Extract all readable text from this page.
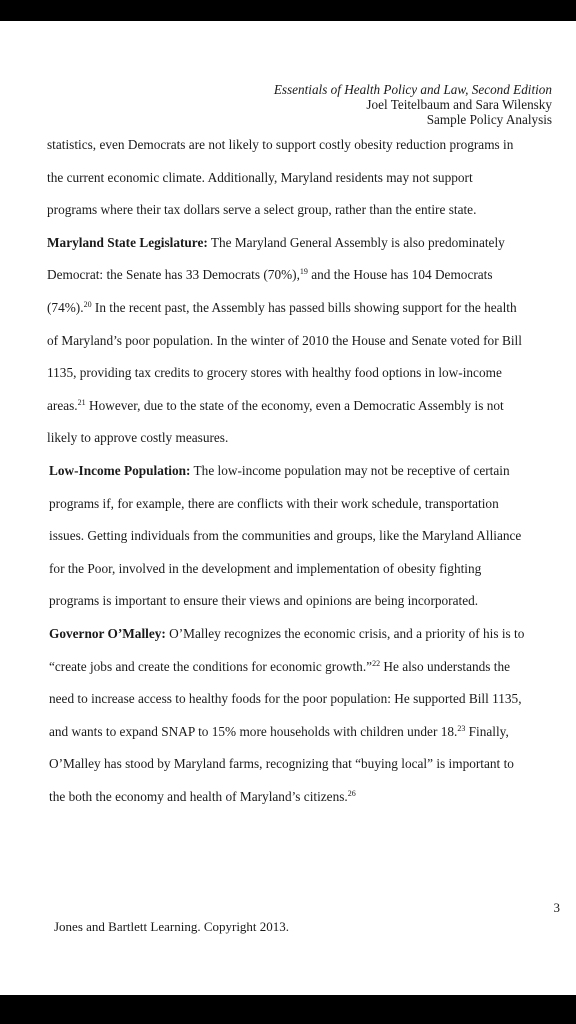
Essentials of Health Policy and Law, Second Edition
Joel Teitelbaum and Sara Wilensky
Sample Policy Analysis
statistics, even Democrats are not likely to support costly obesity reduction programs in
the current economic climate. Additionally, Maryland residents may not support
programs where their tax dollars serve a select group, rather than the entire state.
Maryland State Legislature: The Maryland General Assembly is also predominately
Democrat: the Senate has 33 Democrats (70%),$^{19}$ and the House has 104 Democrats
(74%).$^{20}$ In the recent past, the Assembly has passed bills showing support for the health
of Maryland’s poor population. In the winter of 2010 the House and Senate voted for Bill
1135, providing tax credits to grocery stores with healthy food options in low-income
areas.$^{21}$ However, due to the state of the economy, even a Democratic Assembly is not
likely to approve costly measures.
Low-Income Population: The low-income population may not be receptive of certain
programs if, for example, there are conflicts with their work schedule, transportation
issues. Getting individuals from the communities and groups, like the Maryland Alliance
for the Poor, involved in the development and implementation of obesity fighting
programs is important to ensure their views and opinions are being incorporated.
Governor O’Malley: O’Malley recognizes the economic crisis, and a priority of his is to
“create jobs and create the conditions for economic growth.”$^{22}$ He also understands the
need to increase access to healthy foods for the poor population: He supported Bill 1135,
and wants to expand SNAP to 15% more households with children under 18.23 Finally,
O’Malley has stood by Maryland farms, recognizing that “buying local” is important to
the both the economy and health of Maryland’s citizens.$^{26}$
3
Jones and Bartlett Learning. Copyright 2013.
